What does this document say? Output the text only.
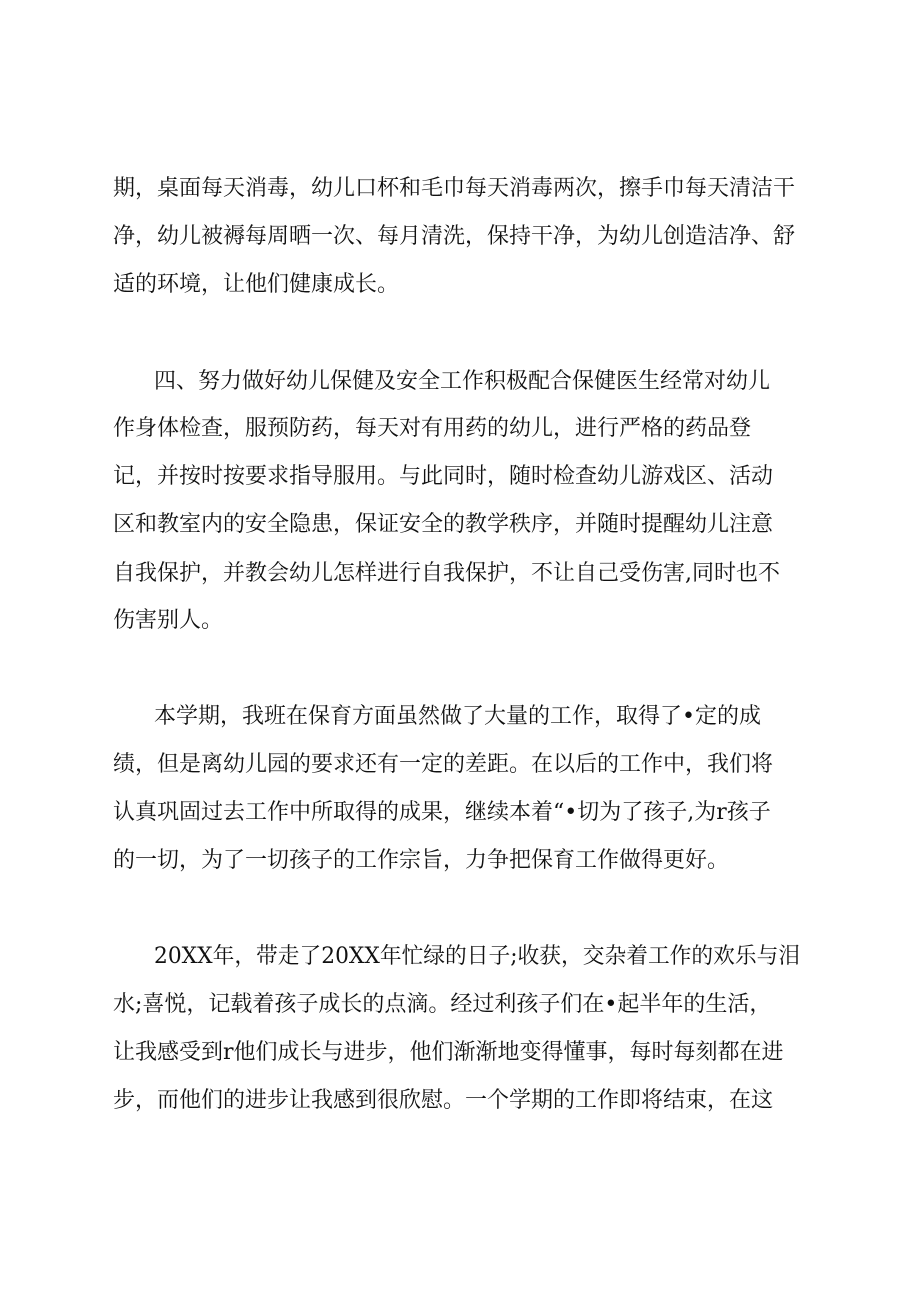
期，桌面每天消毒，幼儿口杯和毛巾每天消毒两次，擦手巾每天清洁干

净，幼儿被褥每周晒一次、每月清洗，保持干净，为幼儿创造洁净、舒

适的环境，让他们健康成长。

四、努力做好幼儿保健及安全工作积极配合保健医生经常对幼儿

作身体检查，服预防药，每天对有用药的幼儿，进行严格的药品登

记，并按时按要求指导服用。与此同时，随时检查幼儿游戏区、活动

区和教室内的安全隐患，保证安全的教学秩序，并随时提醒幼儿注意

自我保护，并教会幼儿怎样进行自我保护，不让自己受伤害,同时也不

伤害别人。

本学期，我班在保育方面虽然做了大量的工作，取得了•定的成

绩，但是离幼儿园的要求还有一定的差距。在以后的工作中，我们将

认真巩固过去工作中所取得的成果，继续本着“•切为了孩子,为r孩子

的一切，为了一切孩子的工作宗旨，力争把保育工作做得更好。

20XX年，带走了20XX年忙绿的日子;收获，交杂着工作的欢乐与泪

水;喜悦，记载着孩子成长的点滴。经过利孩子们在•起半年的生活，

让我感受到r他们成长与进步，他们渐渐地变得懂事，每时每刻都在进

步，而他们的进步让我感到很欣慰。一个学期的工作即将结束，在这
